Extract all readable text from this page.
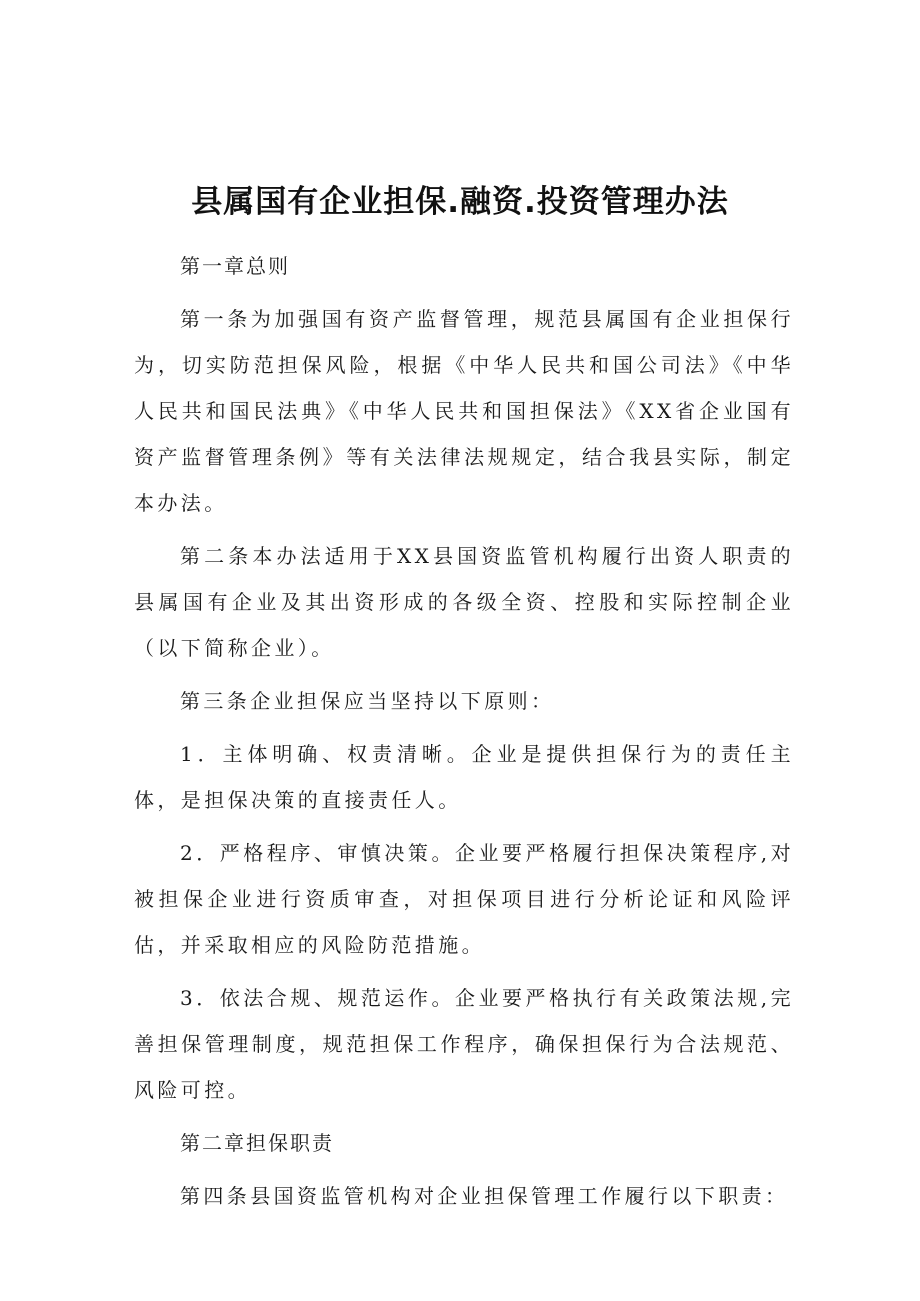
县属国有企业担保.融资.投资管理办法

第一章总则

第一条为加强国有资产监督管理，规范县属国有企业担保行为，切实防范担保风险，根据《中华人民共和国公司法》《中华人民共和国民法典》《中华人民共和国担保法》《XX省企业国有资产监督管理条例》等有关法律法规规定，结合我县实际，制定本办法。

第二条本办法适用于XX县国资监管机构履行出资人职责的县属国有企业及其出资形成的各级全资、控股和实际控制企业（以下简称企业）。

第三条企业担保应当坚持以下原则：

1．主体明确、权责清晰。企业是提供担保行为的责任主体，是担保决策的直接责任人。

2．严格程序、审慎决策。企业要严格履行担保决策程序,对被担保企业进行资质审查，对担保项目进行分析论证和风险评估，并采取相应的风险防范措施。

3．依法合规、规范运作。企业要严格执行有关政策法规,完善担保管理制度，规范担保工作程序，确保担保行为合法规范、风险可控。

第二章担保职责

第四条县国资监管机构对企业担保管理工作履行以下职责：
